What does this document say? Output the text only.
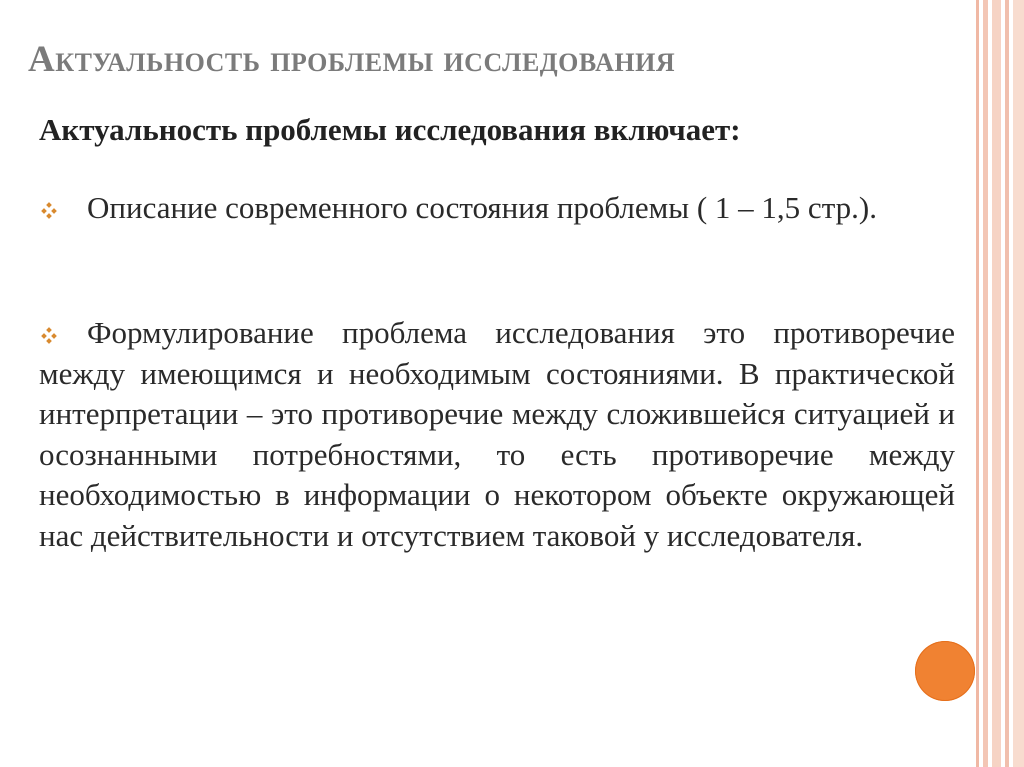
Актуальность проблемы исследования
Актуальность проблемы исследования включает:
Описание современного состояния проблемы ( 1 – 1,5 стр.).
Формулирование проблема исследования это противоречие между имеющимся и необходимым состояниями. В практической интерпретации – это противоречие между сложившейся ситуацией и осознанными потребностями, то есть противоречие между необходимостью в информации о некотором объекте окружающей нас действительности и отсутствием таковой у исследователя.
